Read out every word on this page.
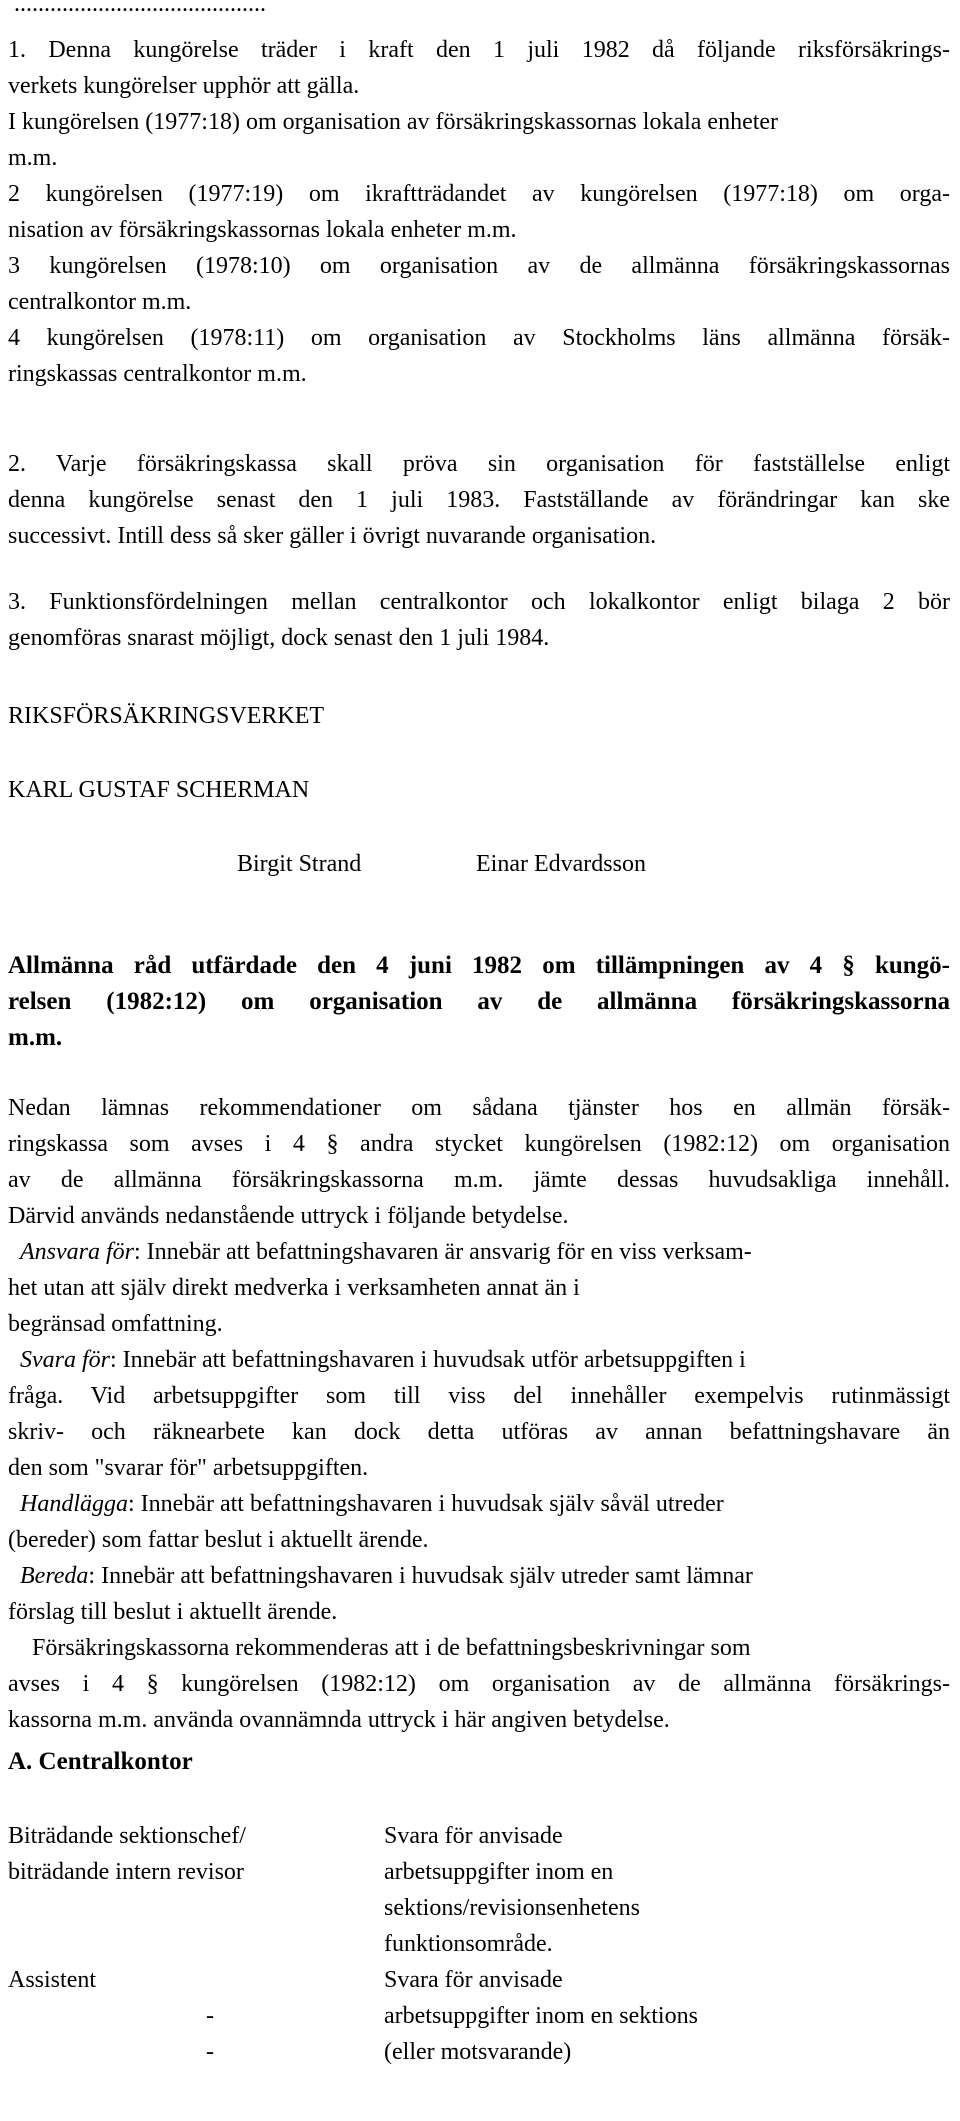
..........................................
1. Denna kungörelse träder i kraft den 1 juli 1982 då följande riksförsäkrings-
verkets kungörelser upphör att gälla.
I kungörelsen (1977:18) om organisation av försäkringskassornas lokala enheter
m.m.
2 kungörelsen (1977:19) om ikraftträdandet av kungörelsen (1977:18) om orga-
nisation av försäkringskassornas lokala enheter m.m.
3 kungörelsen (1978:10) om organisation av de allmänna försäkringskassornas
centralkontor m.m.
4 kungörelsen (1978:11) om organisation av Stockholms läns allmänna försäk-
ringskassas centralkontor m.m.
2. Varje försäkringskassa skall pröva sin organisation för fastställelse enligt
denna kungörelse senast den 1 juli 1983. Fastställande av förändringar kan ske
successivt. Intill dess så sker gäller i övrigt nuvarande organisation.
3. Funktionsfördelningen mellan centralkontor och lokalkontor enligt bilaga 2 bör
genomföras snarast möjligt, dock senast den 1 juli 1984.
RIKSFÖRSÄKRINGSVERKET
KARL GUSTAF SCHERMAN
Birgit Strand	Einar Edvardsson
Allmänna råd utfärdade den 4 juni 1982 om tillämpningen av 4 § kungö-
relsen (1982:12) om organisation av de allmänna försäkringskassorna
m.m.
Nedan lämnas rekommendationer om sådana tjänster hos en allmän försäk-
ringskassa som avses i 4 § andra stycket kungörelsen (1982:12) om organisation
av de allmänna försäkringskassorna m.m. jämte dessas huvudsakliga innehåll.
Därvid används nedanstående uttryck i följande betydelse.
Ansvara för: Innebär att befattningshavaren är ansvarig för en viss verksam-
het utan att själv direkt medverka i verksamheten annat än i
begränsad omfattning.
Svara för: Innebär att befattningshavaren i huvudsak utför arbetsuppgiften i
fråga. Vid arbetsuppgifter som till viss del innehåller exempelvis rutinmässigt
skriv- och räknearbete kan dock detta utföras av annan befattningshavare än
den som "svarar för" arbetsuppgiften.
Handlägga: Innebär att befattningshavaren i huvudsak själv såväl utreder
(bereder) som fattar beslut i aktuellt ärende.
Bereda: Innebär att befattningshavaren i huvudsak själv utreder samt lämnar
förslag till beslut i aktuellt ärende.
Försäkringskassorna rekommenderas att i de befattningsbeskrivningar som
avses i 4 § kungörelsen (1982:12) om organisation av de allmänna försäkrings-
kassorna m.m. använda ovannämnda uttryck i här angiven betydelse.
A. Centralkontor
Biträdande sektionschef/
biträdande intern revisor
Svara för anvisade
arbetsuppgifter inom en
sektions/revisionsenhetens
funktionsområde.
Assistent
-
-
Svara för anvisade
arbetsuppgifter inom en sektions
(eller motsvarande)
